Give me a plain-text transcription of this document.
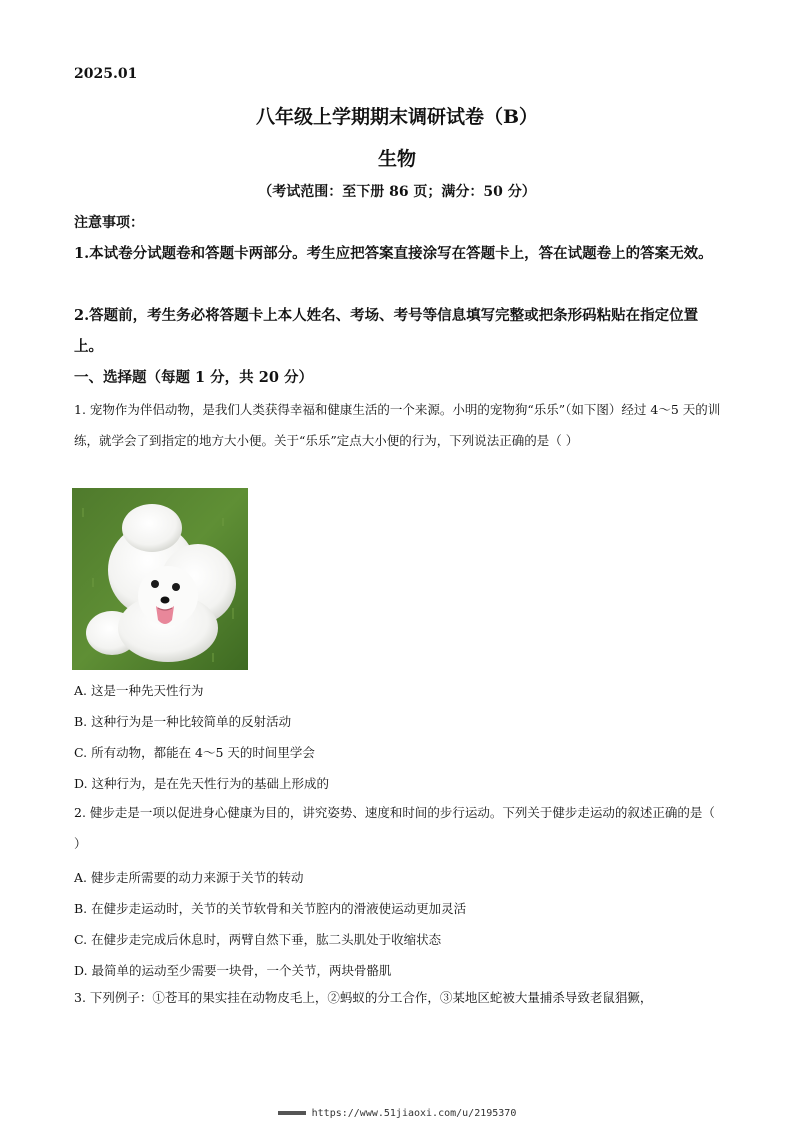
2025.01
八年级上学期期末调研试卷（B）
生物
（考试范围：至下册 86 页；满分：50 分）
注意事项：
1.本试卷分试题卷和答题卡两部分。考生应把答案直接涂写在答题卡上，答在试题卷上的答案无效。
2.答题前，考生务必将答题卡上本人姓名、考场、考号等信息填写完整或把条形码粘贴在指定位置上。
一、选择题（每题 1 分，共 20 分）
1. 宠物作为伴侣动物，是我们人类获得幸福和健康生活的一个来源。小明的宠物狗“乐乐”（如下图）经过 4～5 天的训练，就学会了到指定的地方大小便。关于“乐乐”定点大小便的行为，下列说法正确的是（ ）
A. 这是一种先天性行为
B. 这种行为是一种比较简单的反射活动
C. 所有动物，都能在 4～5 天的时间里学会
D. 这种行为，是在先天性行为的基础上形成的
2. 健步走是一项以促进身心健康为目的，讲究姿势、速度和时间的步行运动。下列关于健步走运动的叙述正确的是（ ）
A. 健步走所需要的动力来源于关节的转动
B. 在健步走运动时，关节的关节软骨和关节腔内的滑液使运动更加灵活
C. 在健步走完成后休息时，两臂自然下垂，肱二头肌处于收缩状态
D. 最简单的运动至少需要一块骨，一个关节，两块骨骼肌
3. 下列例子：①苍耳的果实挂在动物皮毛上，②蚂蚁的分工合作，③某地区蛇被大量捕杀导致老鼠猖獗，
https://www.51jiaoxi.com/u/2195370
